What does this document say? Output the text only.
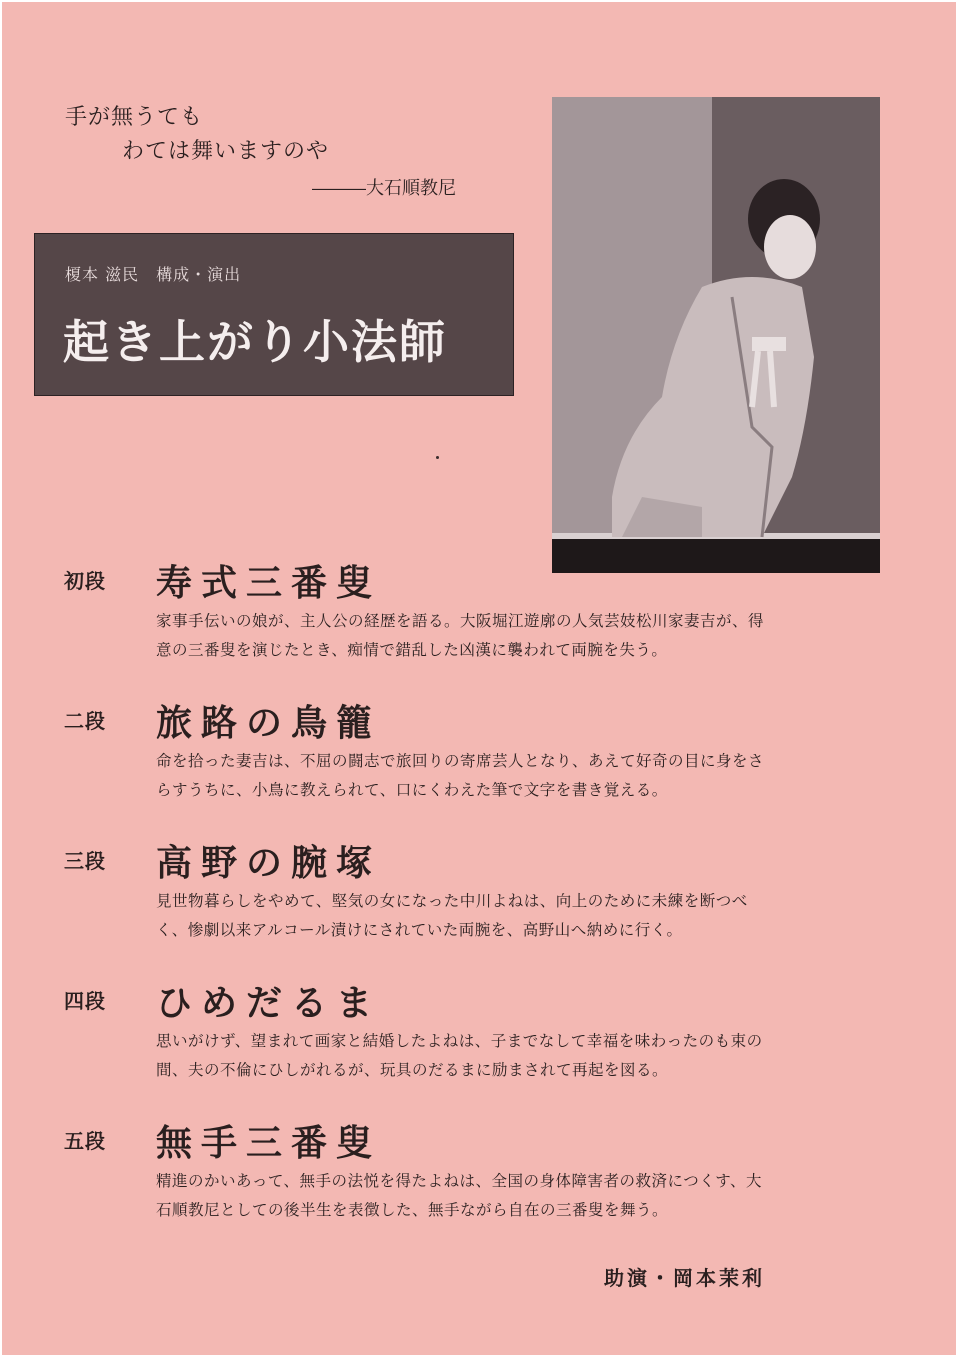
手が無うても
わては舞いますのや
―――大石順教尼
榎本 滋民　構成・演出
起き上がり小法師
初段 寿式三番叟
家事手伝いの娘が、主人公の経歴を語る。大阪堀江遊廓の人気芸妓松川家妻吉が、得意の三番叟を演じたとき、痴情で錯乱した凶漢に襲われて両腕を失う。
二段 旅路の鳥籠
命を拾った妻吉は、不屈の闘志で旅回りの寄席芸人となり、あえて好奇の目に身をさらすうちに、小鳥に教えられて、口にくわえた筆で文字を書き覚える。
三段 高野の腕塚
見世物暮らしをやめて、堅気の女になった中川よねは、向上のために未練を断つべく、惨劇以来アルコール漬けにされていた両腕を、高野山へ納めに行く。
四段 ひめだるま
思いがけず、望まれて画家と結婚したよねは、子までなして幸福を味わったのも束の間、夫の不倫にひしがれるが、玩具のだるまに励まされて再起を図る。
五段 無手三番叟
精進のかいあって、無手の法悦を得たよねは、全国の身体障害者の救済につくす、大石順教尼としての後半生を表徴した、無手ながら自在の三番叟を舞う。
助演・岡本茉利
